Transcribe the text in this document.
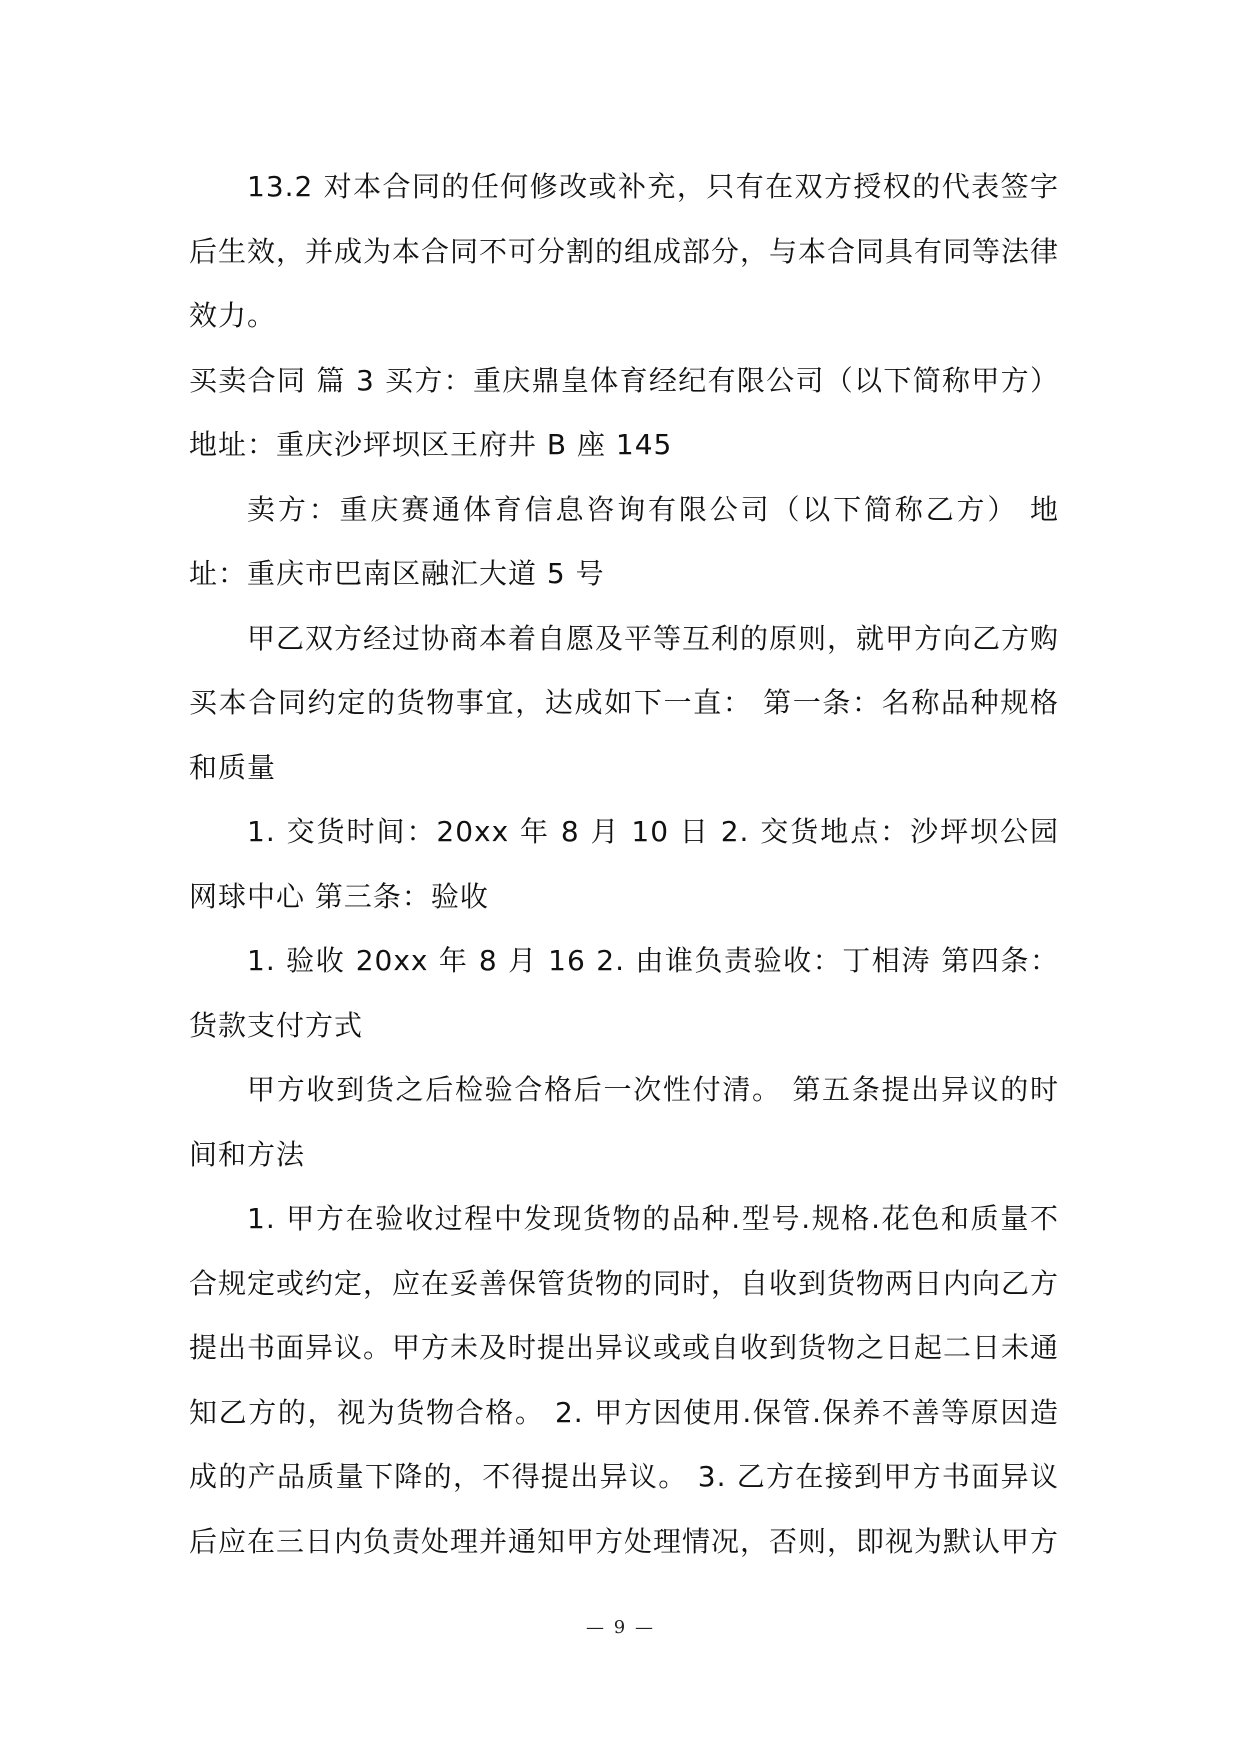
13.2 对本合同的任何修改或补充，只有在双方授权的代表签字后生效，并成为本合同不可分割的组成部分，与本合同具有同等法律效力。

买卖合同 篇 3 买方：重庆鼎皇体育经纪有限公司（以下简称甲方） 地址：重庆沙坪坝区王府井 B 座 145

卖方：重庆赛通体育信息咨询有限公司（以下简称乙方） 地址：重庆市巴南区融汇大道 5 号

甲乙双方经过协商本着自愿及平等互利的原则，就甲方向乙方购买本合同约定的货物事宜，达成如下一直： 第一条：名称品种规格和质量

1. 交货时间：20xx 年 8 月 10 日 2. 交货地点：沙坪坝公园网球中心 第三条：验收

1. 验收 20xx 年 8 月 16 2. 由谁负责验收：丁相涛 第四条：货款支付方式

甲方收到货之后检验合格后一次性付清。 第五条提出异议的时间和方法

1. 甲方在验收过程中发现货物的品种.型号.规格.花色和质量不合规定或约定，应在妥善保管货物的同时，自收到货物两日内向乙方提出书面异议。甲方未及时提出异议或或自收到货物之日起二日未通知乙方的，视为货物合格。 2. 甲方因使用.保管.保养不善等原因造成的产品质量下降的，不得提出异议。 3. 乙方在接到甲方书面异议后应在三日内负责处理并通知甲方处理情况，否则，即视为默认甲方

— 9 —
